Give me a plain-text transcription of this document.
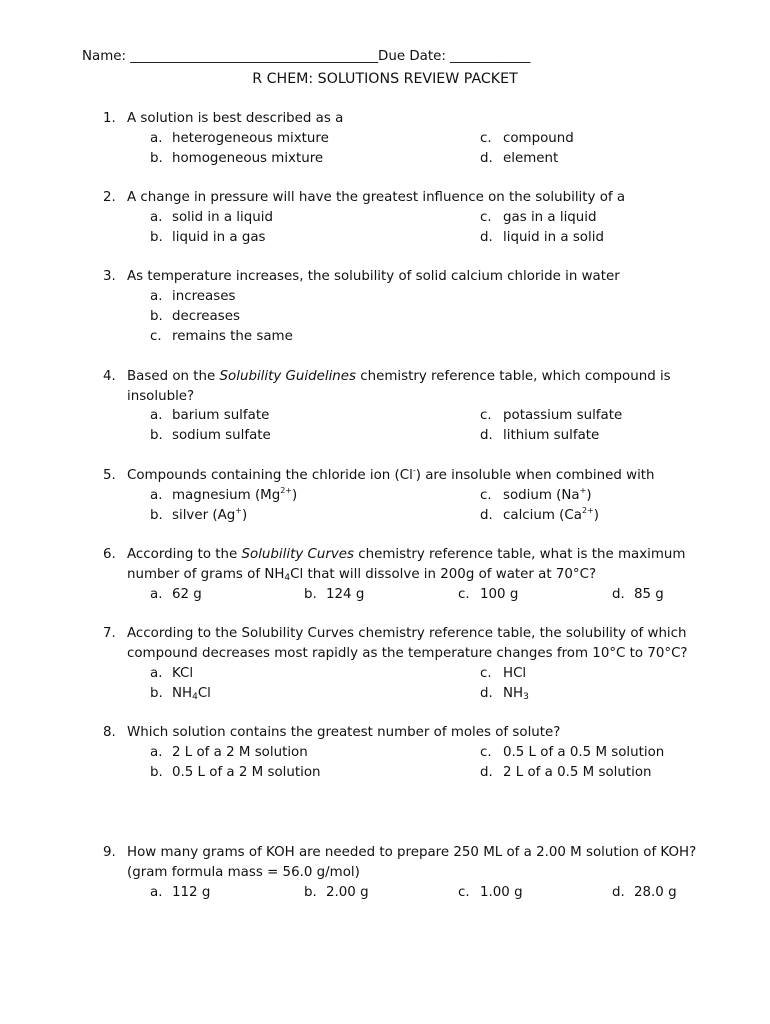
Name: _____________________________________Due Date: ____________
R CHEM: SOLUTIONS REVIEW PACKET
1. A solution is best described as a
a. heterogeneous mixture
b. homogeneous mixture
c. compound
d. element
2. A change in pressure will have the greatest influence on the solubility of a
a. solid in a liquid
b. liquid in a gas
c. gas in a liquid
d. liquid in a solid
3. As temperature increases, the solubility of solid calcium chloride in water
a. increases
b. decreases
c. remains the same
4. Based on the Solubility Guidelines chemistry reference table, which compound is
insoluble?
a. barium sulfate
b. sodium sulfate
c. potassium sulfate
d. lithium sulfate
5. Compounds containing the chloride ion (Cl-) are insoluble when combined with
a. magnesium $(Mg^{2+})$
b. silver (Ag+)
c. sodium (Na+)
d. calcium $(Ca^{2+})$
6. According to the Solubility Curves chemistry reference table, what is the maximum
number of grams of $NH_4Cl$ that will dissolve in 200g of water at 70°C?
a. 62 g	b. 124 g	c. 100 g	d. 85 g
7. According to the Solubility Curves chemistry reference table, the solubility of which
compound decreases most rapidly as the temperature changes from 10°C to 70°C?
a. KCl
b. $NH_4Cl$
c. HCl
d. $NH_3$
8. Which solution contains the greatest number of moles of solute?
a. 2 L of a 2 M solution
b. 0.5 L of a 2 M solution
c. 0.5 L of a 0.5 M solution
d. 2 L of a 0.5 M solution
9. How many grams of KOH are needed to prepare 250 ML of a 2.00 M solution of KOH?
(gram formula mass = 56.0 g/mol)
a. 112 g	b. 2.00 g	c. 1.00 g	d. 28.0 g
